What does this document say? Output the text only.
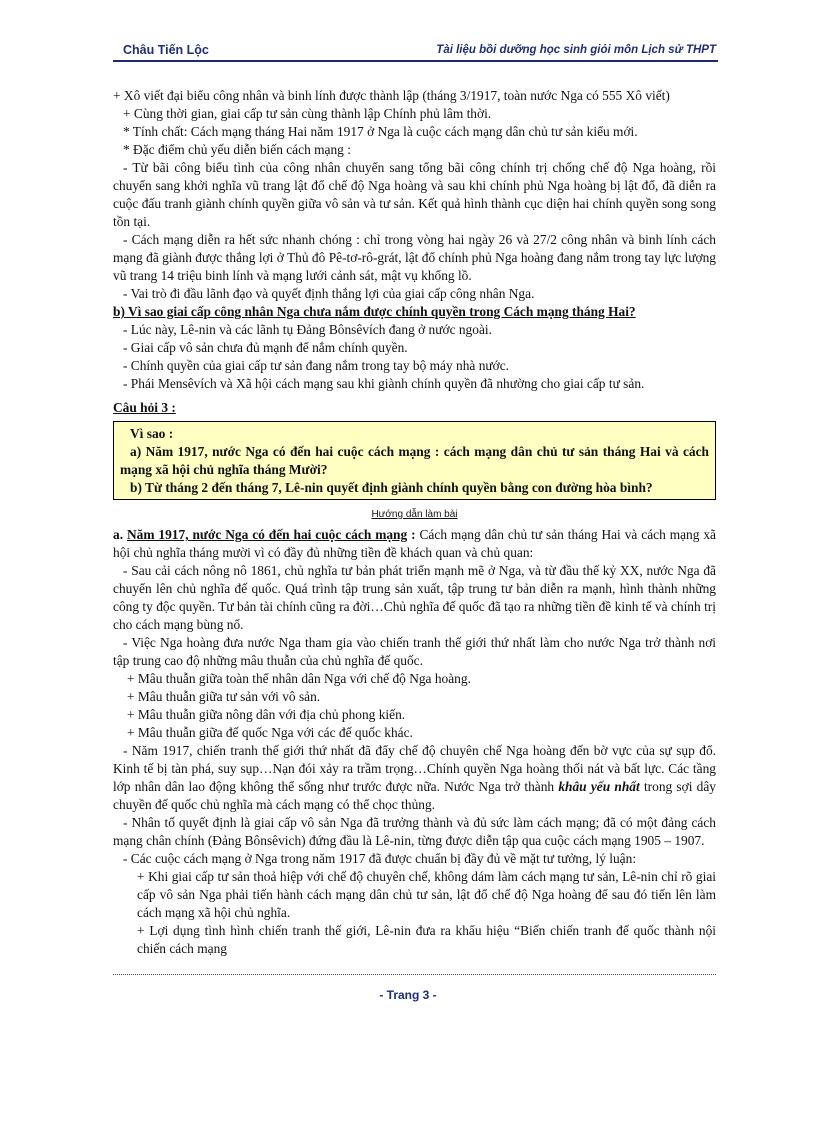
Châu Tiến Lộc	Tài liệu bồi dưỡng học sinh giỏi môn Lịch sử THPT

+ Xô viết đại biểu công nhân và binh lính được thành lập (tháng 3/1917, toàn nước Nga có 555 Xô viết)

+ Cùng thời gian, giai cấp tư sản cùng thành lập Chính phủ lâm thời.

* Tính chất: Cách mạng tháng Hai năm 1917 ở Nga là cuộc cách mạng dân chủ tư sản kiểu mới.

* Đặc điểm chủ yếu diễn biến cách mạng :

- Từ bãi công biểu tình của công nhân chuyển sang tổng bãi công chính trị chống chế độ Nga hoàng, rồi chuyển sang khởi nghĩa vũ trang lật đổ chế độ Nga hoàng và sau khi chính phủ Nga hoàng bị lật đổ, đã diễn ra cuộc đấu tranh giành chính quyền giữa vô sản và tư sản. Kết quả hình thành cục diện hai chính quyền song song tồn tại.

- Cách mạng diễn ra hết sức nhanh chóng : chỉ trong vòng hai ngày 26 và 27/2 công nhân và binh lính cách mạng đã giành được thắng lợi ở Thủ đô Pê-tơ-rô-grát, lật đổ chính phủ Nga hoàng đang nắm trong tay lực lượng vũ trang 14 triệu binh lính và mạng lưới cảnh sát, mật vụ khổng lồ.

- Vai trò đi đầu lãnh đạo và quyết định thắng lợi của giai cấp công nhân Nga.

b) Vì sao giai cấp công nhân Nga chưa nắm được chính quyền trong Cách mạng tháng Hai?

- Lúc này, Lê-nin và các lãnh tụ Đảng Bônsêvích đang ở nước ngoài.

- Giai cấp vô sản chưa đủ mạnh để nắm chính quyền.

- Chính quyền của giai cấp tư sản đang nắm trong tay bộ máy nhà nước.

- Phái Mensêvích và Xã hội cách mạng sau khi giành chính quyền đã nhường cho giai cấp tư sản.

Câu hỏi 3 :

Vì sao :

a) Năm 1917, nước Nga có đến hai cuộc cách mạng : cách mạng dân chủ tư sản tháng Hai và cách mạng xã hội chủ nghĩa tháng Mười?

b) Từ tháng 2 đến tháng 7, Lê-nin quyết định giành chính quyền bằng con đường hòa bình?

Hướng dẫn làm bài

a. Năm 1917, nước Nga có đến hai cuộc cách mạng : Cách mạng dân chủ tư sản tháng Hai và cách mạng xã hội chủ nghĩa tháng mười vì có đầy đủ những tiền đề khách quan và chủ quan:

- Sau cải cách nông nô 1861, chủ nghĩa tư bản phát triển mạnh mẽ ở Nga, và từ đầu thế kỷ XX, nước Nga đã chuyển lên chủ nghĩa đế quốc. Quá trình tập trung sản xuất, tập trung tư bản diễn ra mạnh, hình thành những công ty độc quyền. Tư bản tài chính cũng ra đời…Chủ nghĩa đế quốc đã tạo ra những tiền đề kinh tế và chính trị cho cách mạng bùng nổ.

- Việc Nga hoàng đưa nước Nga tham gia vào chiến tranh thế giới thứ nhất làm cho nước Nga trở thành nơi tập trung cao độ những mâu thuẫn của chủ nghĩa đế quốc.

+ Mâu thuẫn giữa toàn thể nhân dân Nga với chế độ Nga hoàng.

+ Mâu thuẫn giữa tư sản với vô sản.

+ Mâu thuẫn giữa nông dân với địa chủ phong kiến.

+ Mâu thuẫn giữa đế quốc Nga với các đế quốc khác.

- Năm 1917, chiến tranh thế giới thứ nhất đã đẩy chế độ chuyên chế Nga hoàng đến bờ vực của sự sụp đổ. Kinh tế bị tàn phá, suy sụp…Nạn đói xảy ra trầm trọng…Chính quyền Nga hoàng thối nát và bất lực. Các tầng lớp nhân dân lao động không thể sống như trước được nữa. Nước Nga trở thành khâu yếu nhất trong sợi dây chuyền đế quốc chủ nghĩa mà cách mạng có thể chọc thủng.

- Nhân tố quyết định là giai cấp vô sản Nga đã trưởng thành và đủ sức làm cách mạng; đã có một đảng cách mạng chân chính (Đảng Bônsêvich) đứng đầu là Lê-nin, từng được diễn tập qua cuộc cách mạng 1905 – 1907.

- Các cuộc cách mạng ở Nga trong năm 1917 đã được chuẩn bị đầy đủ về mặt tư tưởng, lý luận:

+ Khi giai cấp tư sản thoả hiệp với chế độ chuyên chế, không dám làm cách mạng tư sản, Lê-nin chỉ rõ giai cấp vô sản Nga phải tiến hành cách mạng dân chủ tư sản, lật đổ chế độ Nga hoàng để sau đó tiến lên làm cách mạng xã hội chủ nghĩa.

+ Lợi dụng tình hình chiến tranh thế giới, Lê-nin đưa ra khẩu hiệu “Biến chiến tranh đế quốc thành nội chiến cách mạng

- Trang 3 -
